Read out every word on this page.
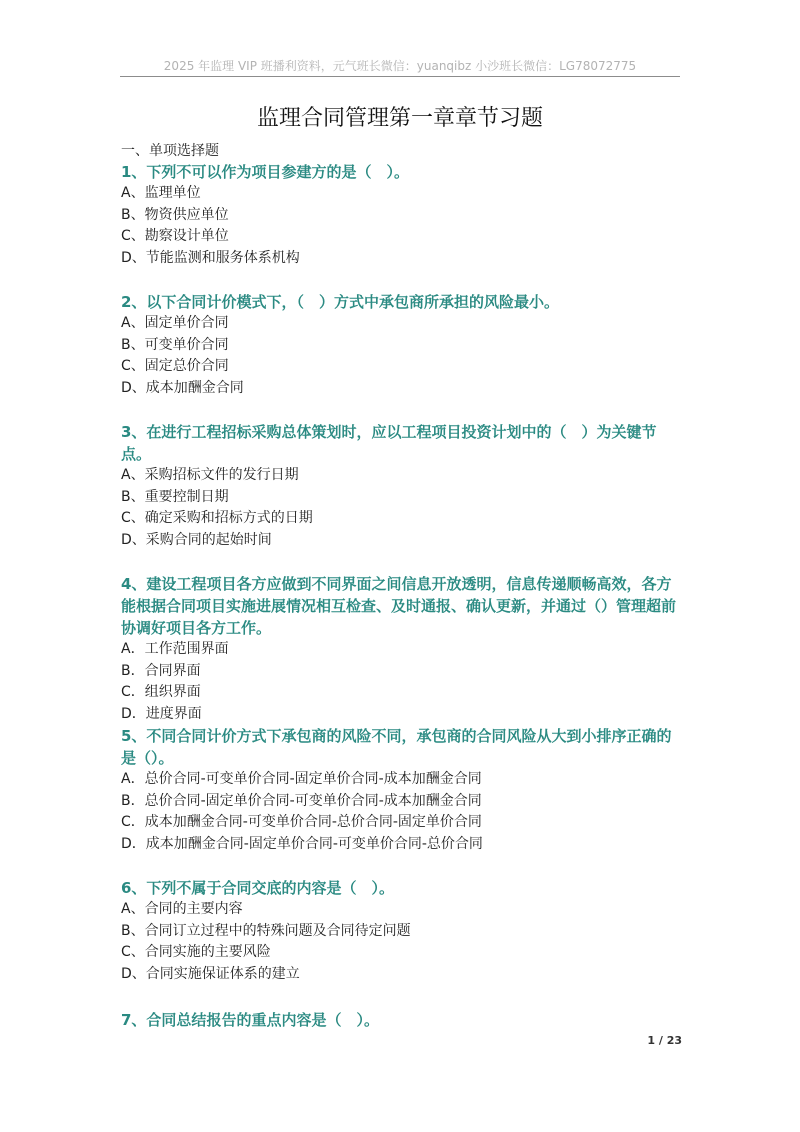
2025 年监理 VIP 班播利资料，元气班长微信：yuanqibz 小沙班长微信：LG78072775
监理合同管理第一章章节习题
一、单项选择题

1、下列不可以作为项目参建方的是（　）。

A、监理单位

B、物资供应单位

C、勘察设计单位

D、节能监测和服务体系机构

2、以下合同计价模式下，（　）方式中承包商所承担的风险最小。

A、固定单价合同

B、可变单价合同

C、固定总价合同

D、成本加酬金合同

3、在进行工程招标采购总体策划时，应以工程项目投资计划中的（　）为关键节点。

A、采购招标文件的发行日期

B、重要控制日期

C、确定采购和招标方式的日期

D、采购合同的起始时间

4、建设工程项目各方应做到不同界面之间信息开放透明，信息传递顺畅高效，各方能根据合同项目实施进展情况相互检查、及时通报、确认更新，并通过（）管理超前协调好项目各方工作。

A．工作范围界面

B．合同界面

C．组织界面

D．进度界面

5、不同合同计价方式下承包商的风险不同，承包商的合同风险从大到小排序正确的是（）。

A．总价合同-可变单价合同-固定单价合同-成本加酬金合同

B．总价合同-固定单价合同-可变单价合同-成本加酬金合同

C．成本加酬金合同-可变单价合同-总价合同-固定单价合同

D．成本加酬金合同-固定单价合同-可变单价合同-总价合同

6、下列不属于合同交底的内容是（　）。

A、合同的主要内容

B、合同订立过程中的特殊问题及合同待定问题

C、合同实施的主要风险

D、合同实施保证体系的建立

7、合同总结报告的重点内容是（　）。

1 / 23
